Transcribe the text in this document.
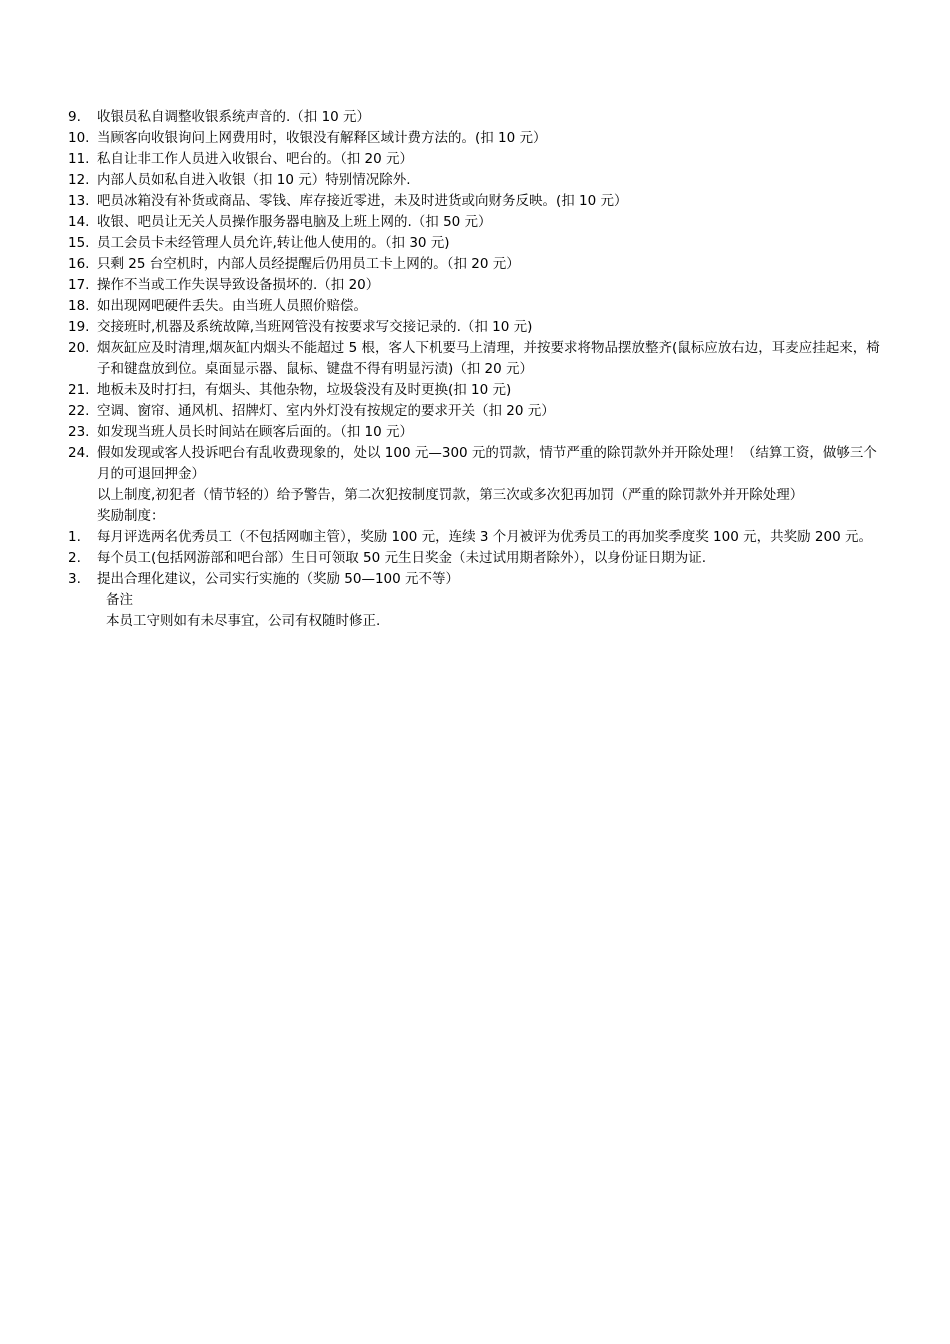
9.	收银员私自调整收银系统声音的.（扣 10 元）
10. 当顾客向收银询问上网费用时，收银没有解释区域计费方法的。(扣 10 元）
11. 私自让非工作人员进入收银台、吧台的。（扣 20 元）
12. 内部人员如私自进入收银（扣 10 元）特别情况除外.
13. 吧员冰箱没有补货或商品、零钱、库存接近零进，未及时进货或向财务反映。(扣 10 元）
14. 收银、吧员让无关人员操作服务器电脑及上班上网的.（扣 50 元）
15. 员工会员卡未经管理人员允许,转让他人使用的。（扣 30 元)
16. 只剩 25 台空机时，内部人员经提醒后仍用员工卡上网的。（扣 20 元）
17. 操作不当或工作失误导致设备损坏的.（扣 20）
18. 如出现网吧硬件丢失。由当班人员照价赔偿。
19. 交接班时,机器及系统故障,当班网管没有按要求写交接记录的.（扣 10 元)
20. 烟灰缸应及时清理,烟灰缸内烟头不能超过 5 根，客人下机要马上清理，并按要求将物品摆放整齐(鼠标应放右边，耳麦应挂起来，椅子和键盘放到位。桌面显示器、鼠标、键盘不得有明显污渍)（扣 20 元）
21. 地板未及时打扫，有烟头、其他杂物，垃圾袋没有及时更换(扣 10 元)
22. 空调、窗帘、通风机、招牌灯、室内外灯没有按规定的要求开关（扣 20 元）
23. 如发现当班人员长时间站在顾客后面的。（扣 10 元）
24. 假如发现或客人投诉吧台有乱收费现象的，处以 100 元—300 元的罚款，情节严重的除罚款外并开除处理！（结算工资，做够三个月的可退回押金）
以上制度,初犯者（情节轻的）给予警告，第二次犯按制度罚款，第三次或多次犯再加罚（严重的除罚款外并开除处理）
奖励制度：
1.	每月评选两名优秀员工（不包括网咖主管），奖励 100 元，连续 3 个月被评为优秀员工的再加奖季度奖 100 元，共奖励 200 元。
2.	每个员工(包括网游部和吧台部）生日可领取 50 元生日奖金（未过试用期者除外），以身份证日期为证.
3.	提出合理化建议，公司实行实施的（奖励 50—100 元不等）
备注
本员工守则如有未尽事宜，公司有权随时修正.
